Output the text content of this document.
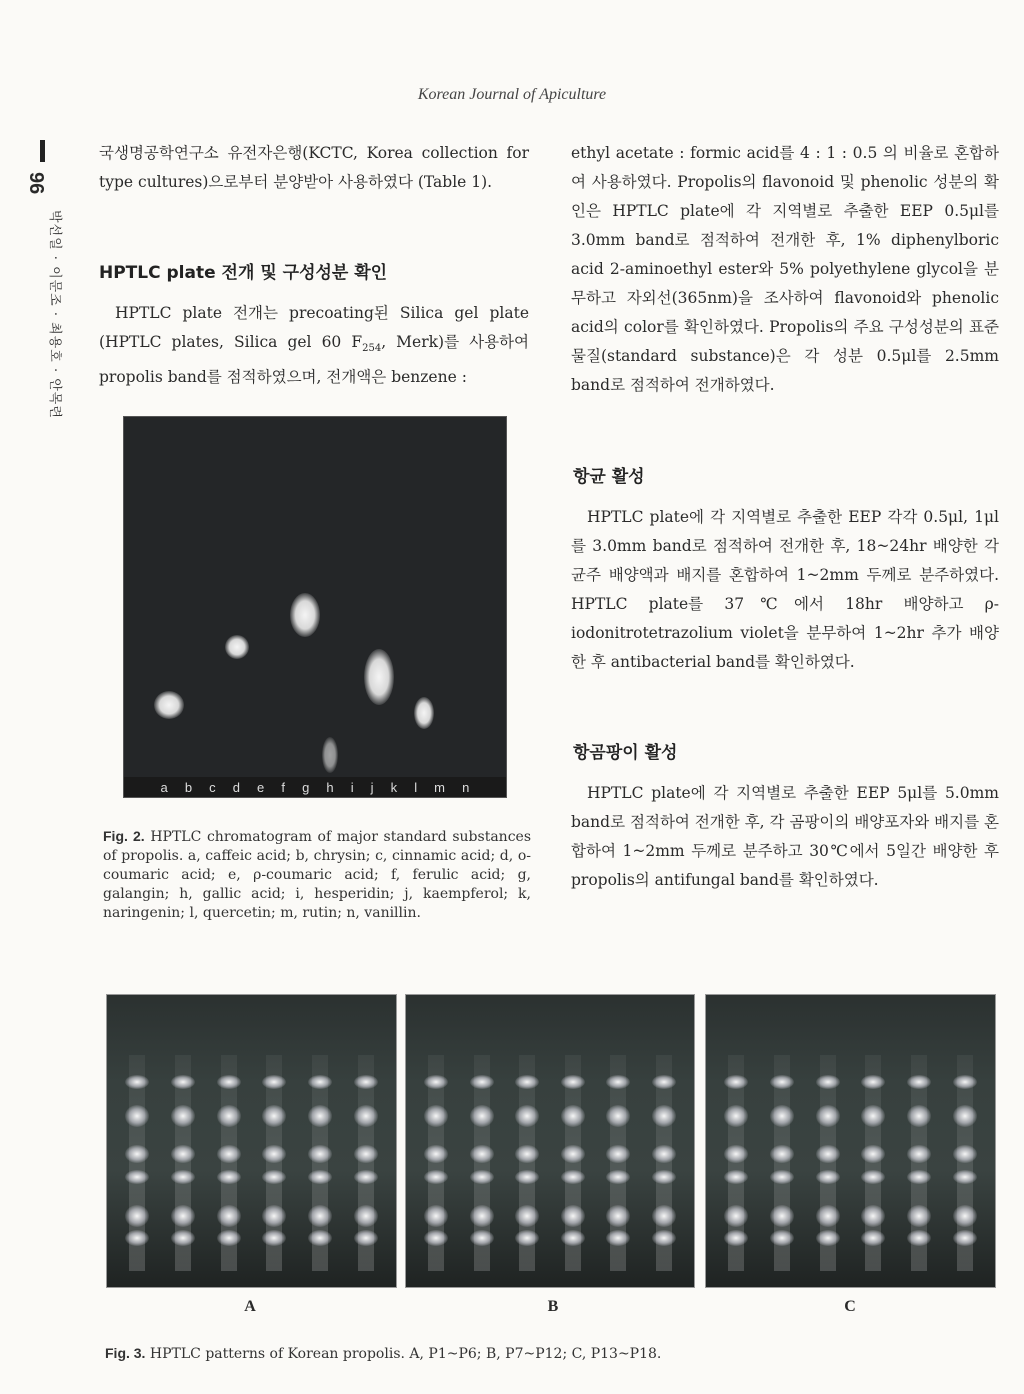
Korean Journal of Apiculture
96
박선일 · 이문조 · 최용호 · 안목련

국생명공학연구소 유전자은행(KCTC, Korea collection for type cultures)으로부터 분양받아 사용하였다 (Table 1).

HPTLC plate 전개 및 구성성분 확인

HPTLC plate 전개는 precoating된 Silica gel plate (HPTLC plates, Silica gel 60 $F_{254}$, Merk)를 사용하여 propolis band를 점적하였으며, 전개액은 benzene :

a b c d e f g h i j k l m n
Fig. 2. HPTLC chromatogram of major standard substances of propolis. a, caffeic acid; b, chrysin; c, cinnamic acid; d, o-coumaric acid; e, ρ-coumaric acid; f, ferulic acid; g, galangin; h, gallic acid; i, hesperidin; j, kaempferol; k, naringenin; l, quercetin; m, rutin; n, vanillin.

ethyl acetate : formic acid를 4 : 1 : 0.5 의 비율로 혼합하여 사용하였다. Propolis의 flavonoid 및 phenolic 성분의 확인은 HPTLC plate에 각 지역별로 추출한 EEP 0.5μl를 3.0mm band로 점적하여 전개한 후, 1% diphenylboric acid 2-aminoethyl ester와 5% polyethylene glycol을 분무하고 자외선(365nm)을 조사하여 flavonoid와 phenolic acid의 color를 확인하였다. Propolis의 주요 구성성분의 표준물질(standard substance)은 각 성분 0.5μl를 2.5mm band로 점적하여 전개하였다.

항균 활성

HPTLC plate에 각 지역별로 추출한 EEP 각각 0.5μl, 1μl를 3.0mm band로 점적하여 전개한 후, 18~24hr 배양한 각 균주 배양액과 배지를 혼합하여 1~2mm 두께로 분주하였다. HPTLC plate를 37℃에서 18hr 배양하고 ρ-iodonitrotetrazolium violet을 분무하여 1~2hr 추가 배양한 후 antibacterial band를 확인하였다.

항곰팡이 활성

HPTLC plate에 각 지역별로 추출한 EEP 5μl를 5.0mm band로 점적하여 전개한 후, 각 곰팡이의 배양포자와 배지를 혼합하여 1~2mm 두께로 분주하고 30℃에서 5일간 배양한 후 propolis의 antifungal band를 확인하였다.

A	B	C
Fig. 3. HPTLC patterns of Korean propolis. A, P1~P6; B, P7~P12; C, P13~P18.
